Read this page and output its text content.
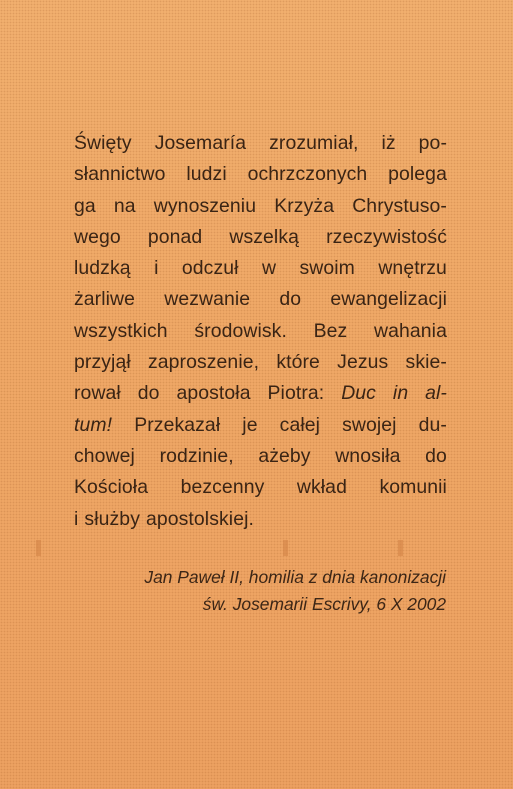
Święty Josemaría zrozumiał, iż po-
słannictwo ludzi ochrzczonych polega
ga na wynoszeniu Krzyża Chrystuso-
wego ponad wszelką rzeczywistość
ludzką i odczuł w swoim wnętrzu
żarliwe wezwanie do ewangelizacji
wszystkich środowisk. Bez wahania
przyjął zaproszenie, które Jezus skie-
rował do apostoła Piotra: Duc in al-
tum! Przekazał je całej swojej du-
chowej rodzinie, ażeby wnosiła do
Kościoła bezcenny wkład komunii
i służby apostolskiej.
Jan Paweł II, homilia z dnia kanonizacji
św. Josemarii Escrivy, 6 X 2002
